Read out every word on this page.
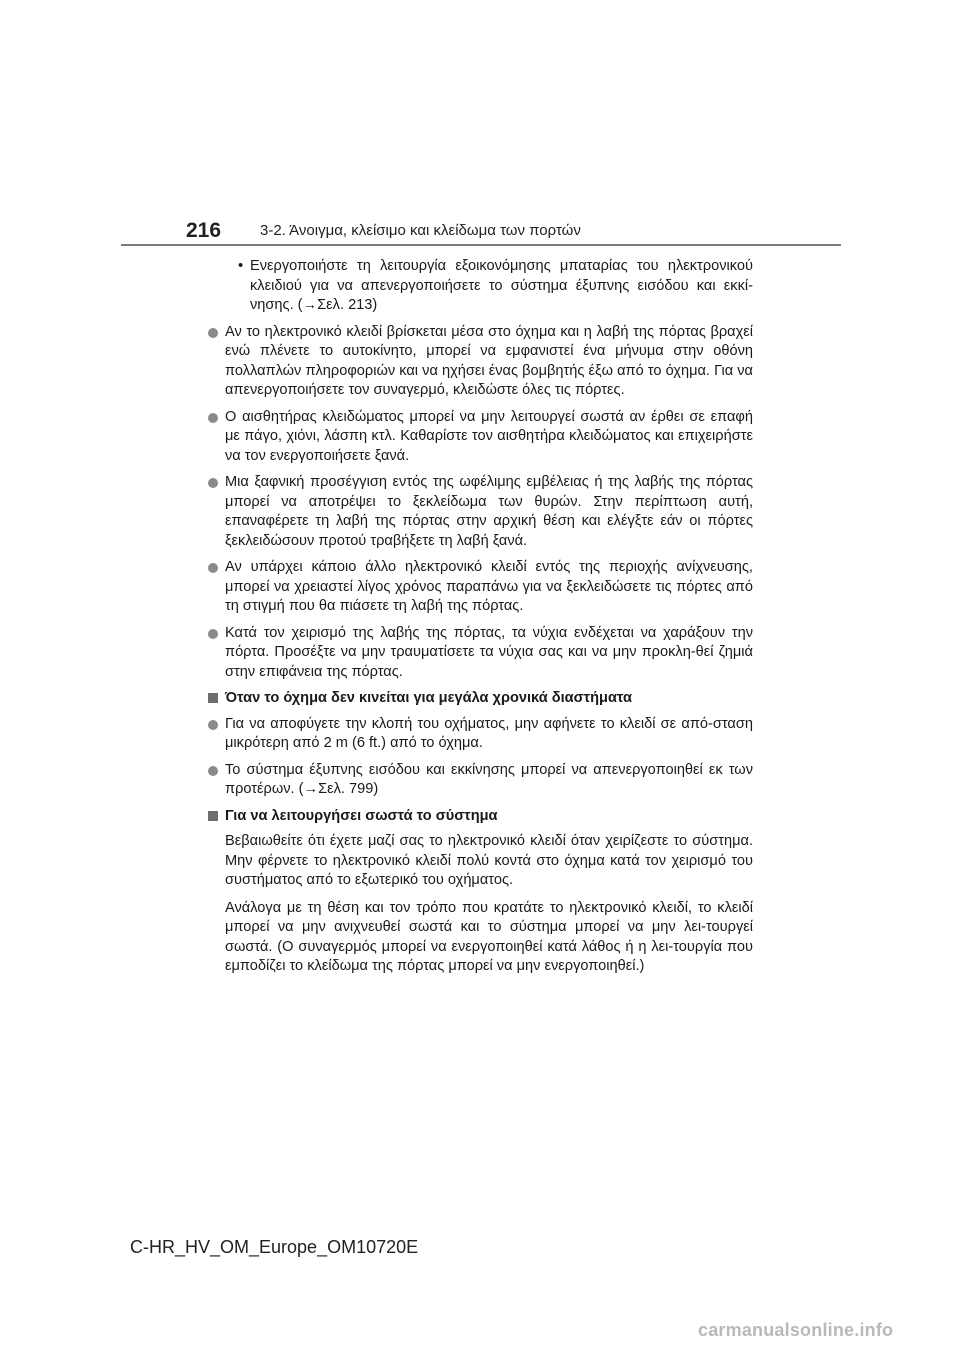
216	3-2. Άνοιγμα, κλείσιμο και κλείδωμα των πορτών
• Ενεργοποιήστε τη λειτουργία εξοικονόμησης μπαταρίας του ηλεκτρονικού κλειδιού για να απενεργοποιήσετε το σύστημα έξυπνης εισόδου και εκκί-νησης. (→Σελ. 213)
Αν το ηλεκτρονικό κλειδί βρίσκεται μέσα στο όχημα και η λαβή της πόρτας βραχεί ενώ πλένετε το αυτοκίνητο, μπορεί να εμφανιστεί ένα μήνυμα στην οθόνη πολλαπλών πληροφοριών και να ηχήσει ένας βομβητής έξω από το όχημα. Για να απενεργοποιήσετε τον συναγερμό, κλειδώστε όλες τις πόρτες.
Ο αισθητήρας κλειδώματος μπορεί να μην λειτουργεί σωστά αν έρθει σε επαφή με πάγο, χιόνι, λάσπη κτλ. Καθαρίστε τον αισθητήρα κλειδώματος και επιχειρήστε να τον ενεργοποιήσετε ξανά.
Μια ξαφνική προσέγγιση εντός της ωφέλιμης εμβέλειας ή της λαβής της πόρτας μπορεί να αποτρέψει το ξεκλείδωμα των θυρών. Στην περίπτωση αυτή, επαναφέρετε τη λαβή της πόρτας στην αρχική θέση και ελέγξτε εάν οι πόρτες ξεκλειδώσουν προτού τραβήξετε τη λαβή ξανά.
Αν υπάρχει κάποιο άλλο ηλεκτρονικό κλειδί εντός της περιοχής ανίχνευσης, μπορεί να χρειαστεί λίγος χρόνος παραπάνω για να ξεκλειδώσετε τις πόρτες από τη στιγμή που θα πιάσετε τη λαβή της πόρτας.
Κατά τον χειρισμό της λαβής της πόρτας, τα νύχια ενδέχεται να χαράξουν την πόρτα. Προσέξτε να μην τραυματίσετε τα νύχια σας και να μην προκλη-θεί ζημιά στην επιφάνεια της πόρτας.
Όταν το όχημα δεν κινείται για μεγάλα χρονικά διαστήματα
Για να αποφύγετε την κλοπή του οχήματος, μην αφήνετε το κλειδί σε από-σταση μικρότερη από 2 m (6 ft.) από το όχημα.
Το σύστημα έξυπνης εισόδου και εκκίνησης μπορεί να απενεργοποιηθεί εκ των προτέρων. (→Σελ. 799)
Για να λειτουργήσει σωστά το σύστημα
Βεβαιωθείτε ότι έχετε μαζί σας το ηλεκτρονικό κλειδί όταν χειρίζεστε το σύστημα. Μην φέρνετε το ηλεκτρονικό κλειδί πολύ κοντά στο όχημα κατά τον χειρισμό του συστήματος από το εξωτερικό του οχήματος.
Ανάλογα με τη θέση και τον τρόπο που κρατάτε το ηλεκτρονικό κλειδί, το κλειδί μπορεί να μην ανιχνευθεί σωστά και το σύστημα μπορεί να μην λει-τουργεί σωστά. (Ο συναγερμός μπορεί να ενεργοποιηθεί κατά λάθος ή η λει-τουργία που εμποδίζει το κλείδωμα της πόρτας μπορεί να μην ενεργοποιηθεί.)
C-HR_HV_OM_Europe_OM10720E
carmanualsonline.info
